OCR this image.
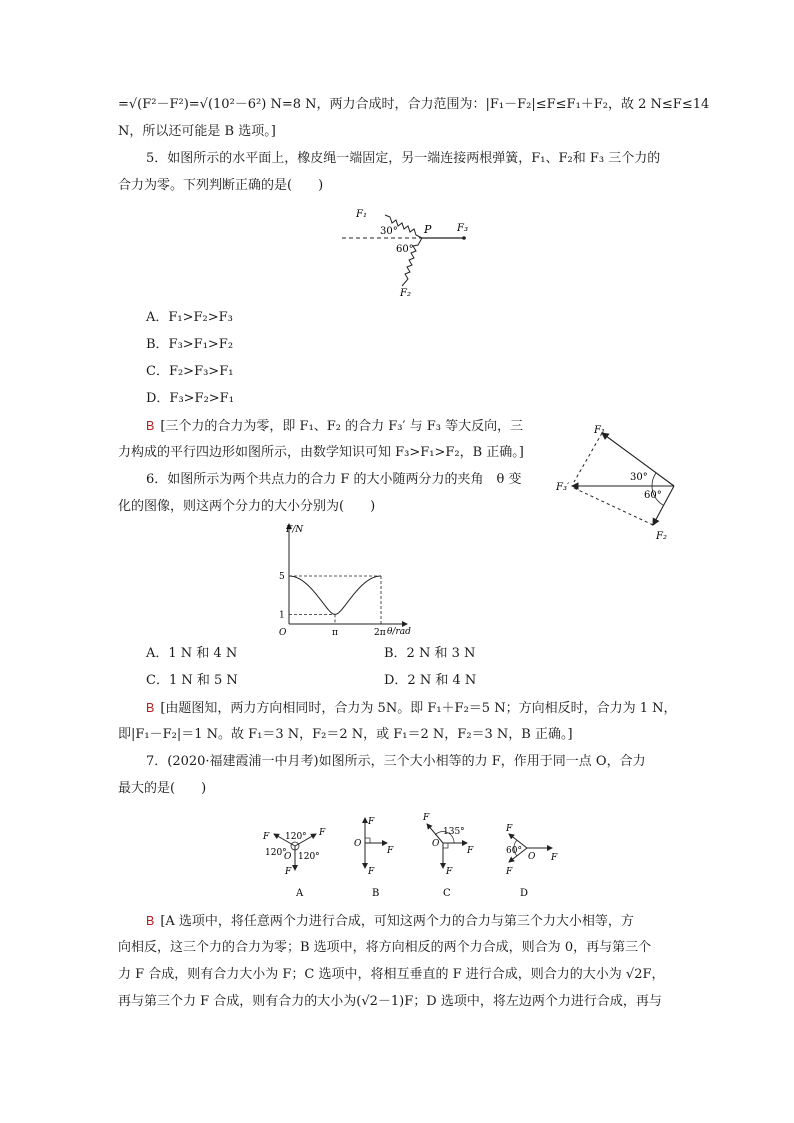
=√(F²－F²)=√(10²－6²) N=8 N，两力合成时，合力范围为：|F₁－F₂|≤F≤F₁＋F₂，故 2 N≤F≤14
N，所以还可能是 B 选项。]
5．如图所示的水平面上，橡皮绳一端固定，另一端连接两根弹簧，F₁、F₂和 F₃ 三个力的
合力为零。下列判断正确的是(　　)
F₁
F₂
F₃
P
30°
60°
A．F₁>F₂>F₃
B．F₃>F₁>F₂
C．F₂>F₃>F₁
D．F₃>F₂>F₁
B [三个力的合力为零，即 F₁、F₂ 的合力 F₃′ 与 F₃ 等大反向，三
力构成的平行四边形如图所示，由数学知识可知 F₃>F₁>F₂，B 正确。]
F₁
F₂
F₃′
30°
60°
6．如图所示为两个共点力的合力 F 的大小随两分力的夹角　θ 变
化的图像，则这两个分力的大小分别为(　　)
F/N
θ/rad
O	π	2π
1
5
A．1 N 和 4 N	B．2 N 和 3 N
C．1 N 和 5 N	D．2 N 和 4 N
B [由题图知，两力方向相同时，合力为 5N。即 F₁＋F₂＝5 N；方向相反时，合力为 1 N，
即|F₁－F₂|＝1 N。故 F₁＝3 N，F₂＝2 N，或 F₁＝2 N，F₂＝3 N，B 正确。]
7．(2020·福建霞浦一中月考)如图所示，三个大小相等的力 F，作用于同一点 O，合力
最大的是(　　)
F	F
F
O
120°
120° 120°
A
F
F
F
O
B
F
F
F
O
135°
C
F
F
F
O
60°
D
B [A 选项中，将任意两个力进行合成，可知这两个力的合力与第三个力大小相等，方
向相反，这三个力的合力为零；B 选项中，将方向相反的两个力合成，则合为 0，再与第三个
力 F 合成，则有合力大小为 F；C 选项中，将相互垂直的 F 进行合成，则合力的大小为 √2F，
再与第三个力 F 合成，则有合力的大小为(√2－1)F；D 选项中，将左边两个力进行合成，再与
